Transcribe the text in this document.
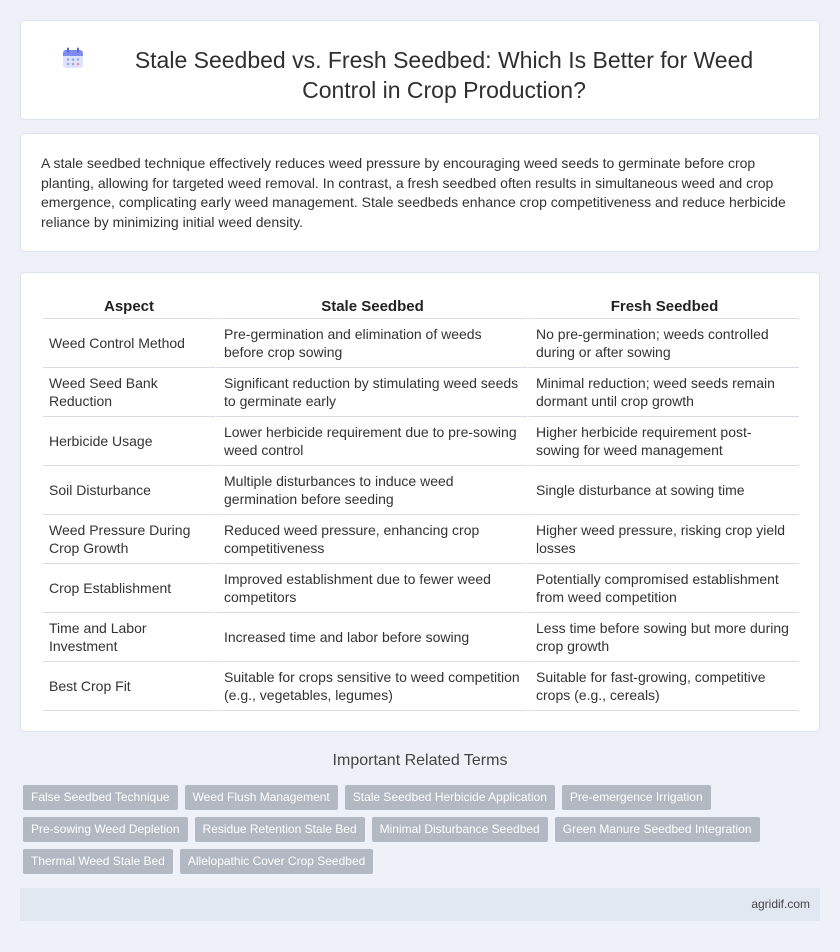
Stale Seedbed vs. Fresh Seedbed: Which Is Better for Weed Control in Crop Production?

A stale seedbed technique effectively reduces weed pressure by encouraging weed seeds to germinate before crop planting, allowing for targeted weed removal. In contrast, a fresh seedbed often results in simultaneous weed and crop emergence, complicating early weed management. Stale seedbeds enhance crop competitiveness and reduce herbicide reliance by minimizing initial weed density.

Aspect	Stale Seedbed	Fresh Seedbed
Weed Control Method	Pre-germination and elimination of weeds before crop sowing	No pre-germination; weeds controlled during or after sowing
Weed Seed Bank Reduction	Significant reduction by stimulating weed seeds to germinate early	Minimal reduction; weed seeds remain dormant until crop growth
Herbicide Usage	Lower herbicide requirement due to pre-sowing weed control	Higher herbicide requirement post-sowing for weed management
Soil Disturbance	Multiple disturbances to induce weed germination before seeding	Single disturbance at sowing time
Weed Pressure During Crop Growth	Reduced weed pressure, enhancing crop competitiveness	Higher weed pressure, risking crop yield losses
Crop Establishment	Improved establishment due to fewer weed competitors	Potentially compromised establishment from weed competition
Time and Labor Investment	Increased time and labor before sowing	Less time before sowing but more during crop growth
Best Crop Fit	Suitable for crops sensitive to weed competition (e.g., vegetables, legumes)	Suitable for fast-growing, competitive crops (e.g., cereals)
Important Related Terms
False Seedbed Technique	Weed Flush Management	Stale Seedbed Herbicide Application	Pre-emergence Irrigation
Pre-sowing Weed Depletion	Residue Retention Stale Bed	Minimal Disturbance Seedbed	Green Manure Seedbed Integration
Thermal Weed Stale Bed	Allelopathic Cover Crop Seedbed
agridif.com
